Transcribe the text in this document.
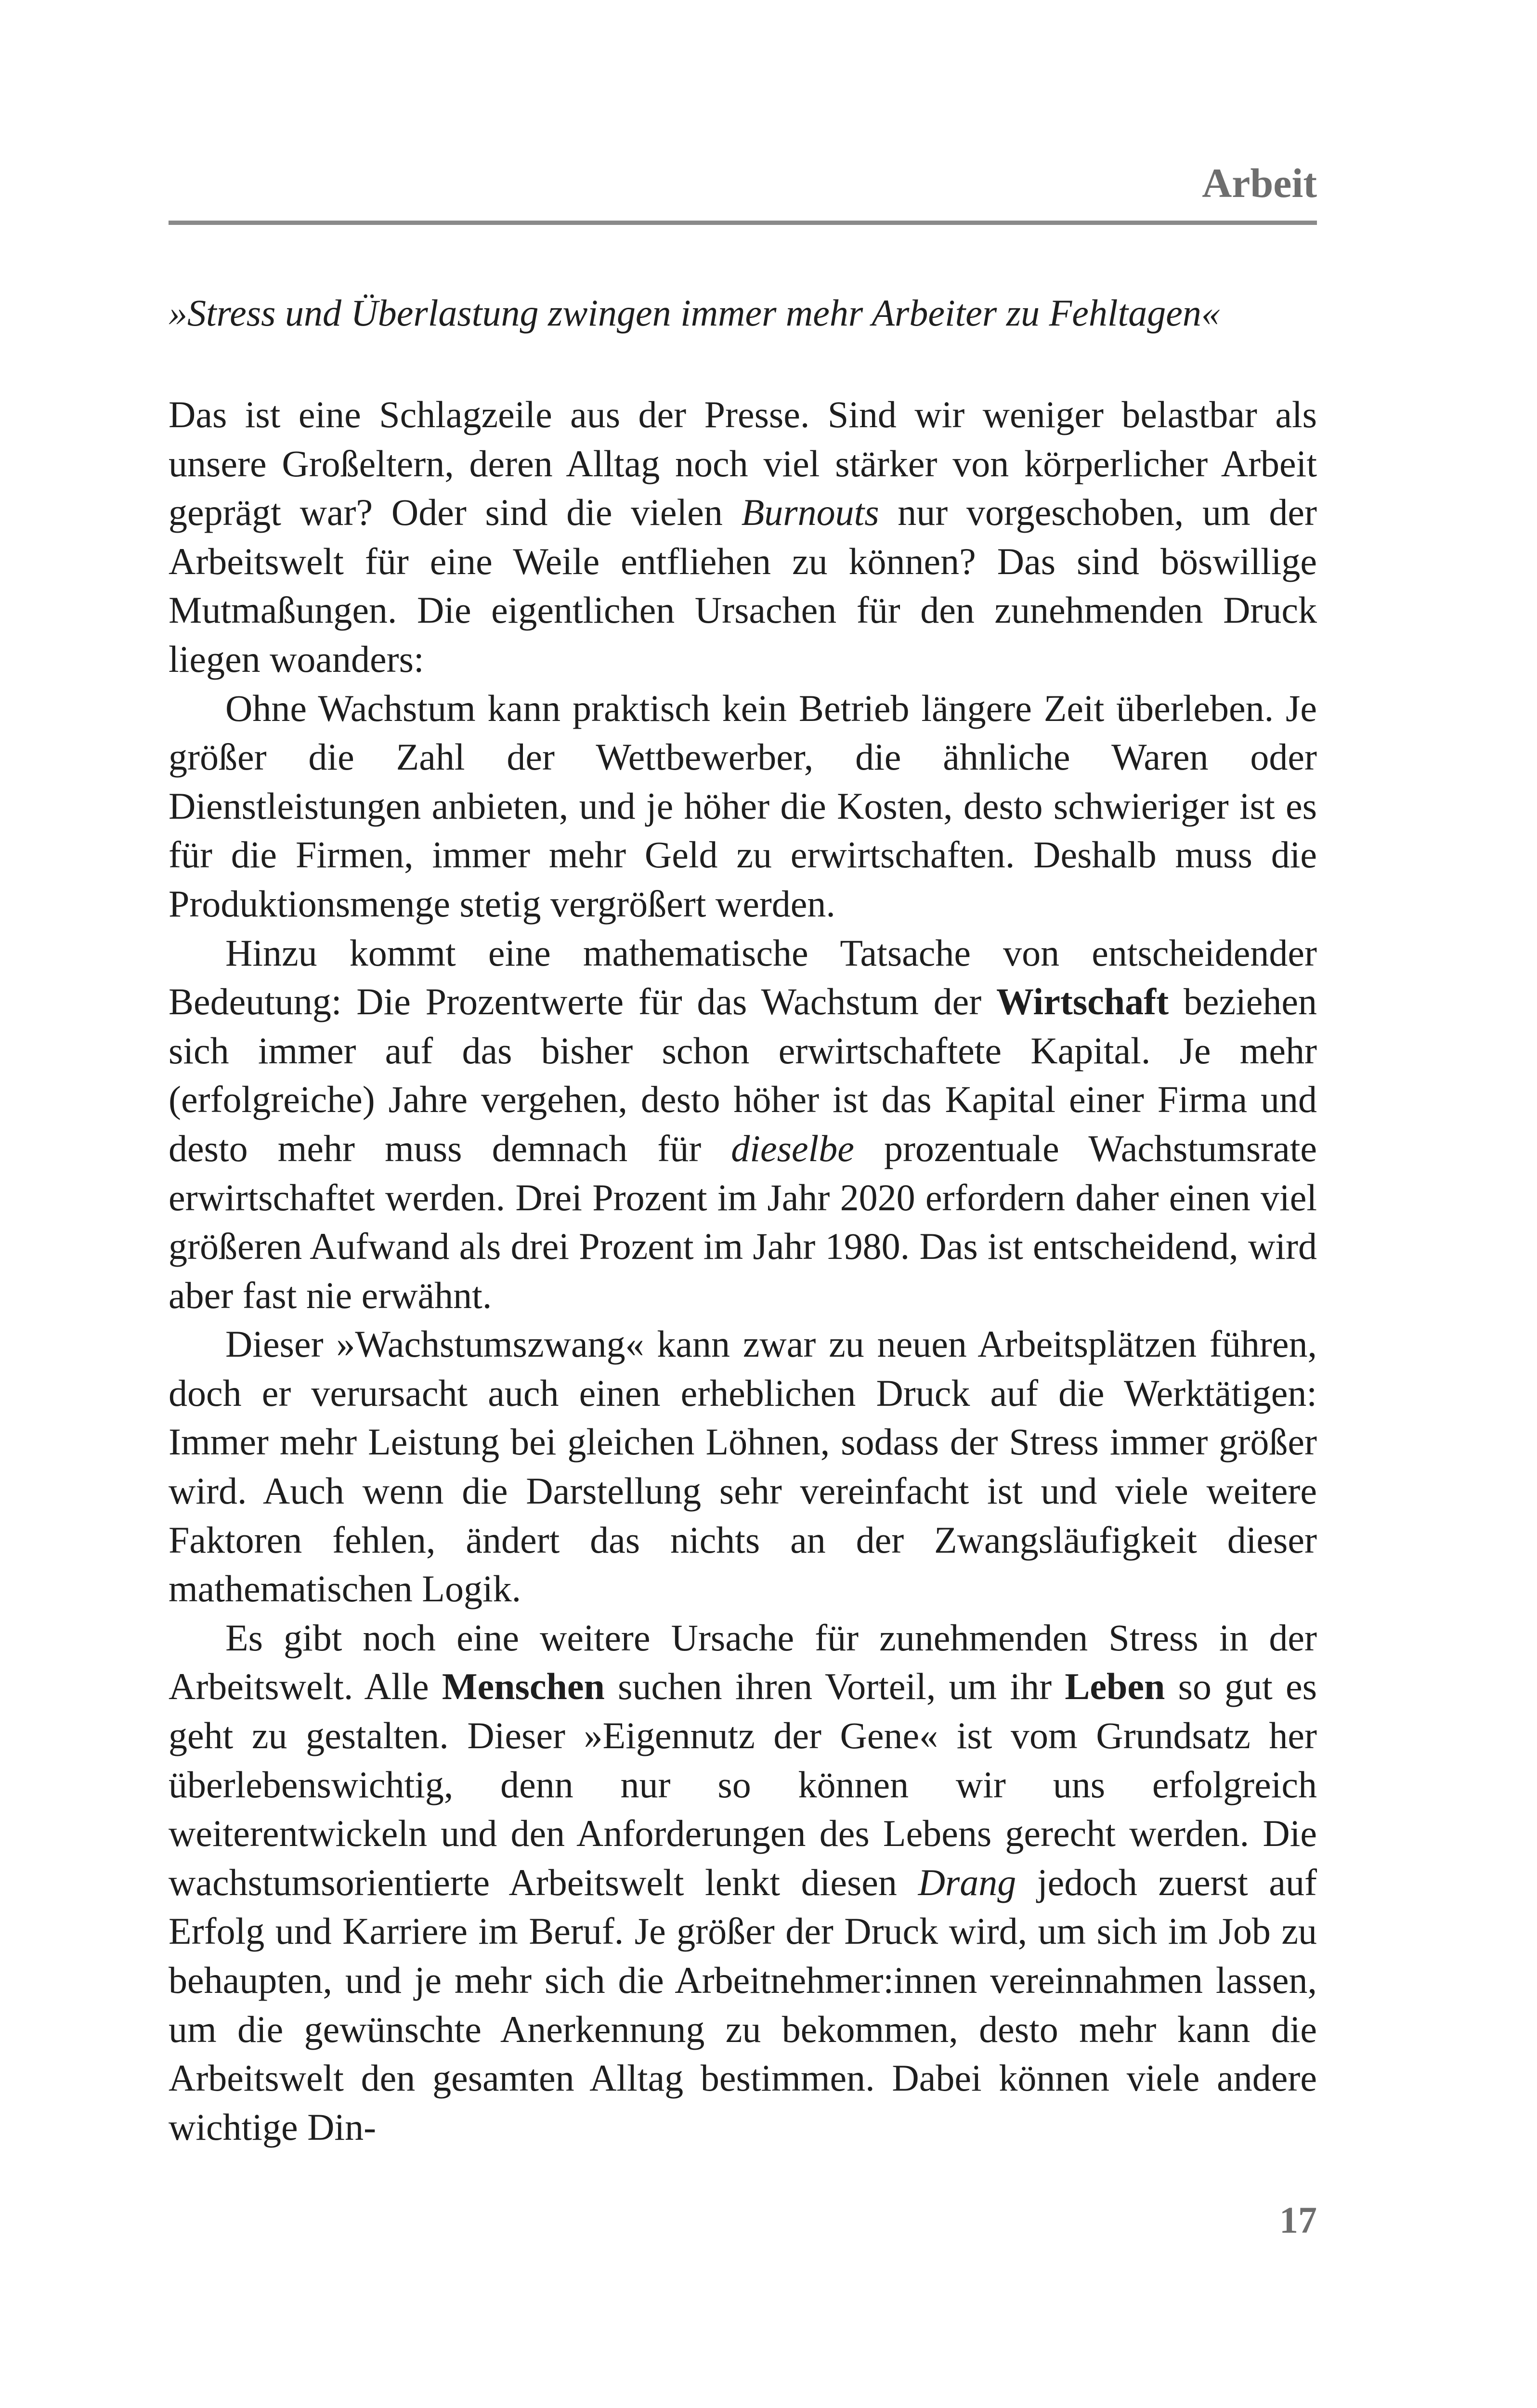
Arbeit
»Stress und Überlastung zwingen immer mehr Arbeiter zu Fehltagen«

Das ist eine Schlagzeile aus der Presse. Sind wir weniger belastbar als unsere Großeltern, deren Alltag noch viel stärker von körperlicher Arbeit geprägt war? Oder sind die vielen Burnouts nur vorgeschoben, um der Arbeitswelt für eine Weile entfliehen zu können? Das sind böswillige Mutmaßungen. Die eigentlichen Ursachen für den zunehmenden Druck liegen woanders:

Ohne Wachstum kann praktisch kein Betrieb längere Zeit überleben. Je größer die Zahl der Wettbewerber, die ähnliche Waren oder Dienstleistungen anbieten, und je höher die Kosten, desto schwieriger ist es für die Firmen, immer mehr Geld zu erwirtschaften. Deshalb muss die Produktionsmenge stetig vergrößert werden.

Hinzu kommt eine mathematische Tatsache von entscheidender Bedeutung: Die Prozentwerte für das Wachstum der Wirtschaft beziehen sich immer auf das bisher schon erwirtschaftete Kapital. Je mehr (erfolgreiche) Jahre vergehen, desto höher ist das Kapital einer Firma und desto mehr muss demnach für dieselbe prozentuale Wachstumsrate erwirtschaftet werden. Drei Prozent im Jahr 2020 erfordern daher einen viel größeren Aufwand als drei Prozent im Jahr 1980. Das ist entscheidend, wird aber fast nie erwähnt.

Dieser »Wachstumszwang« kann zwar zu neuen Arbeitsplätzen führen, doch er verursacht auch einen erheblichen Druck auf die Werktätigen: Immer mehr Leistung bei gleichen Löhnen, sodass der Stress immer größer wird. Auch wenn die Darstellung sehr vereinfacht ist und viele weitere Faktoren fehlen, ändert das nichts an der Zwangsläufigkeit dieser mathematischen Logik.

Es gibt noch eine weitere Ursache für zunehmenden Stress in der Arbeitswelt. Alle Menschen suchen ihren Vorteil, um ihr Leben so gut es geht zu gestalten. Dieser »Eigennutz der Gene« ist vom Grundsatz her überlebenswichtig, denn nur so können wir uns erfolgreich weiterentwickeln und den Anforderungen des Lebens gerecht werden. Die wachstumsorientierte Arbeitswelt lenkt diesen Drang jedoch zuerst auf Erfolg und Karriere im Beruf. Je größer der Druck wird, um sich im Job zu behaupten, und je mehr sich die Arbeitnehmer:innen vereinnahmen lassen, um die gewünschte Anerkennung zu bekommen, desto mehr kann die Arbeitswelt den gesamten Alltag bestimmen. Dabei können viele andere wichtige Din-

17
